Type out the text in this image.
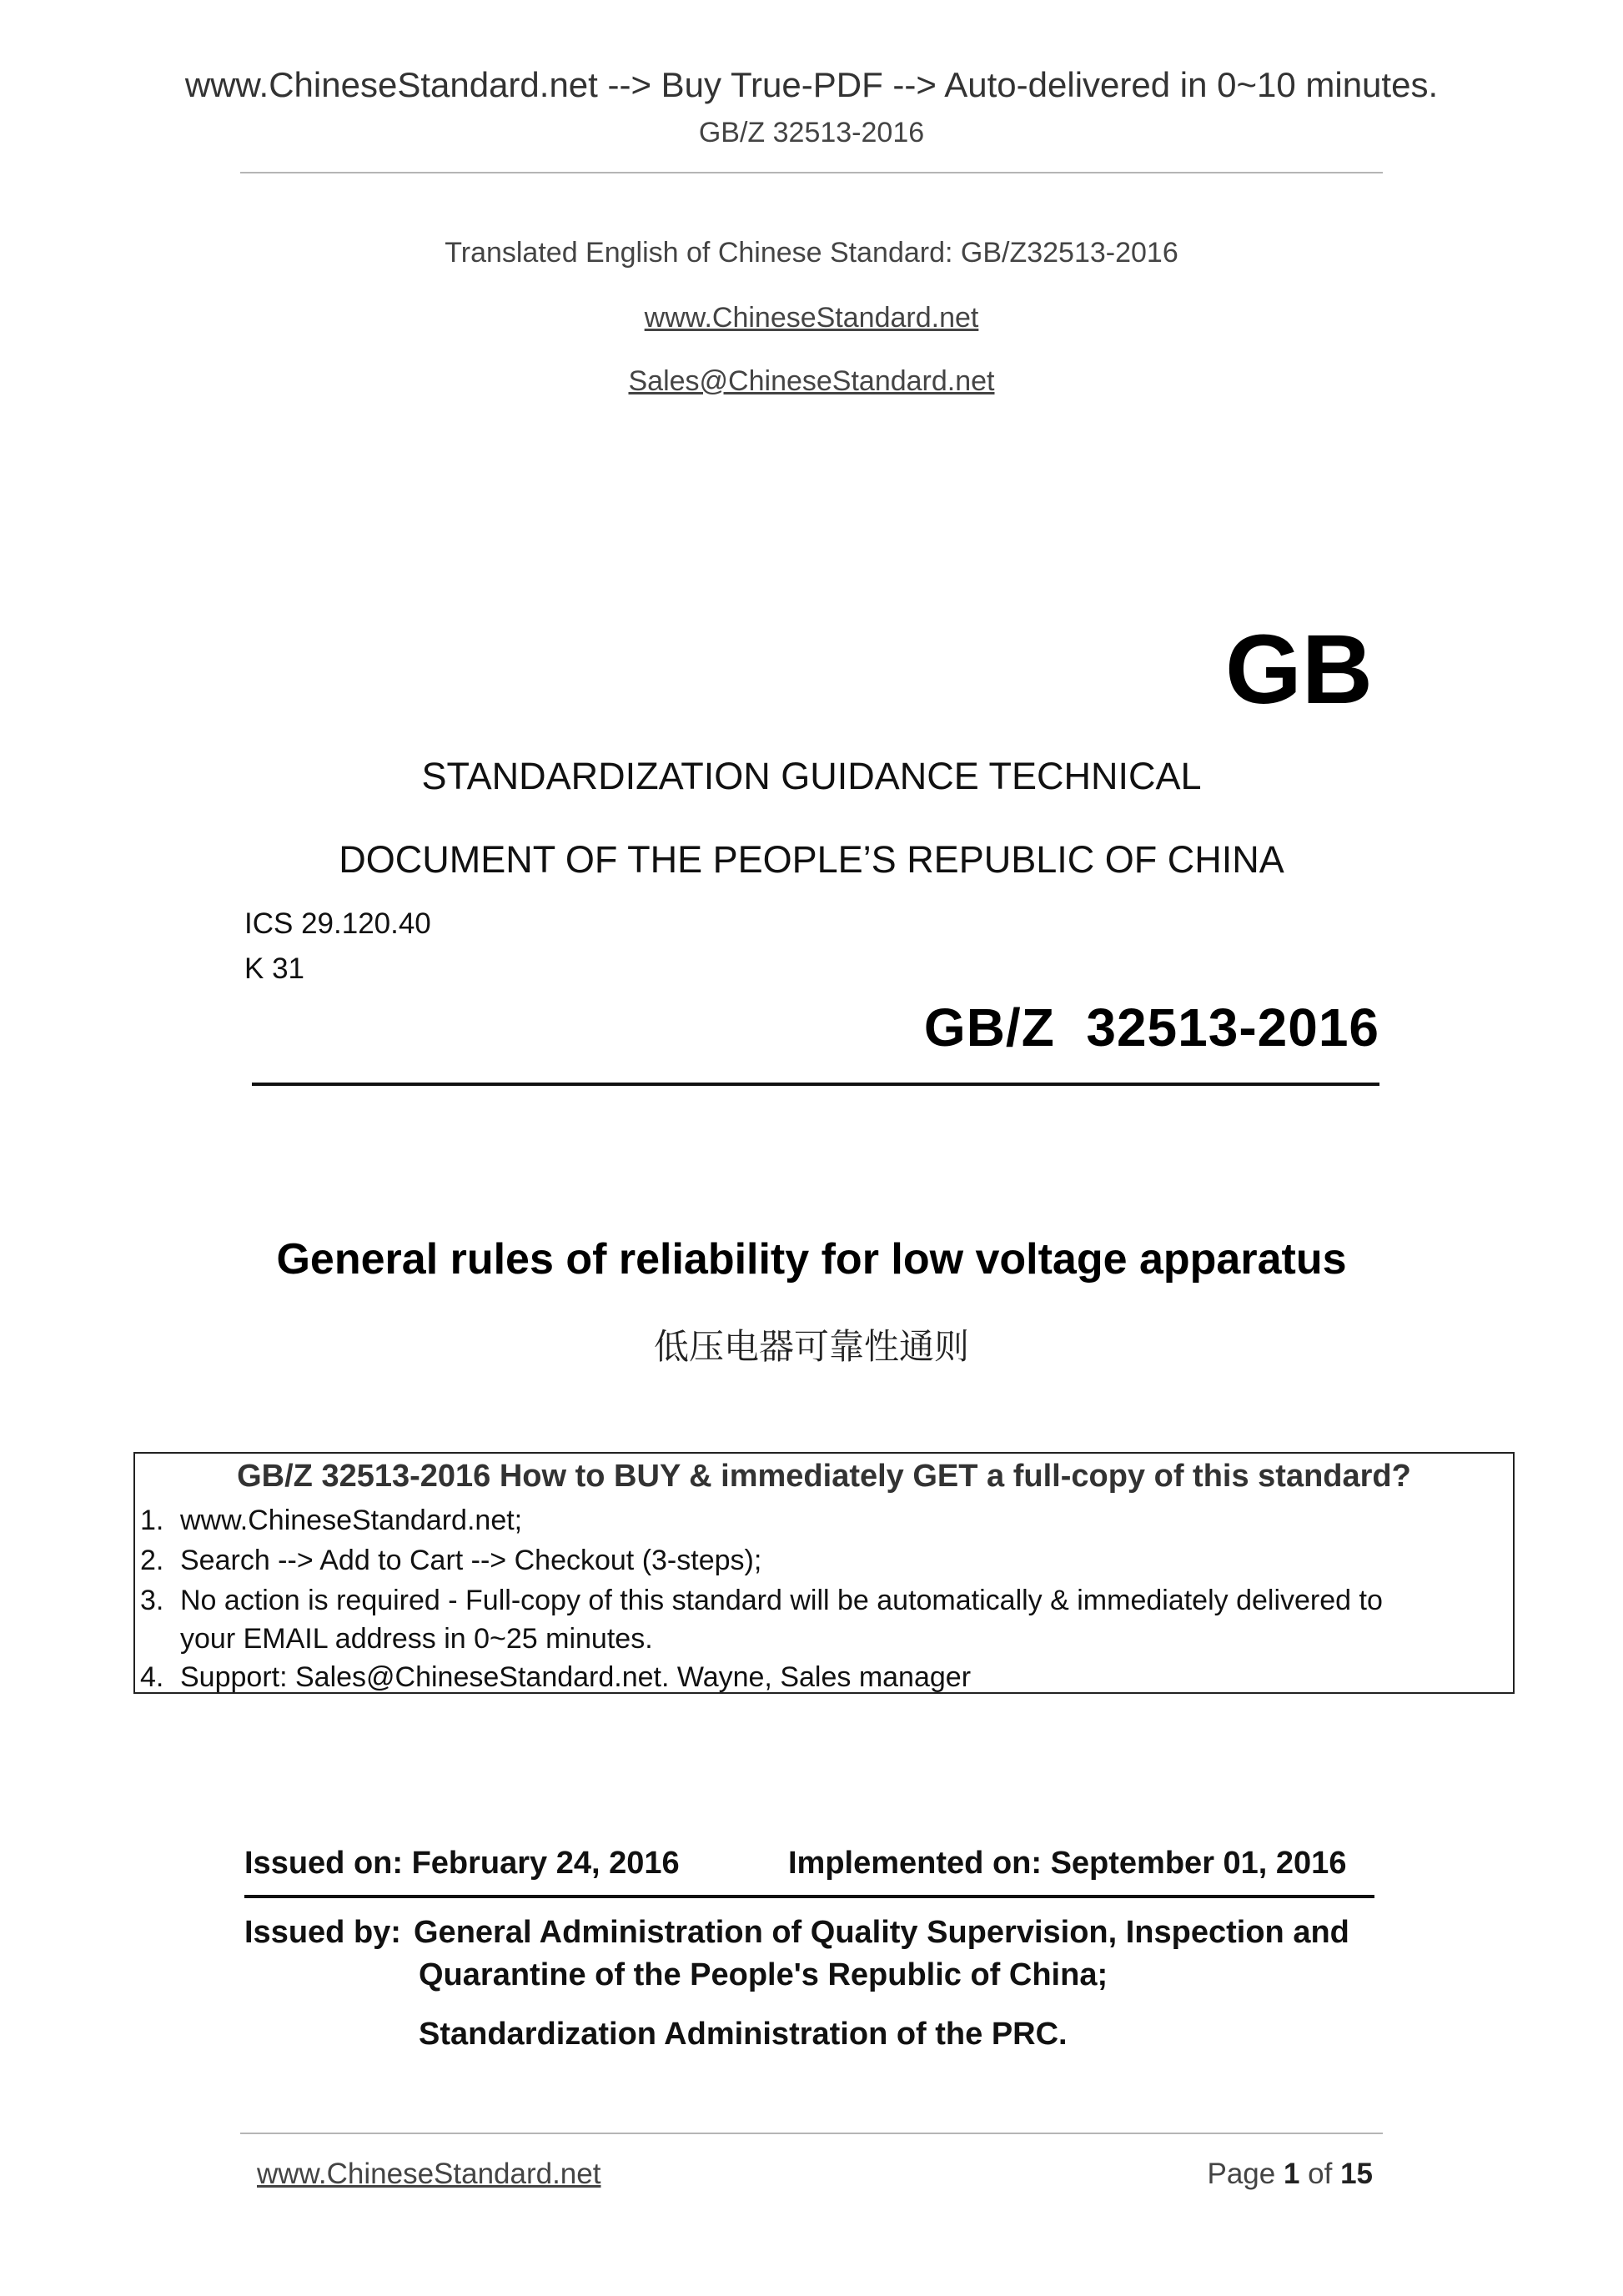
www.ChineseStandard.net --> Buy True-PDF --> Auto-delivered in 0~10 minutes.
GB/Z 32513-2016
Translated English of Chinese Standard: GB/Z32513-2016
www.ChineseStandard.net
Sales@ChineseStandard.net
GB
STANDARDIZATION GUIDANCE TECHNICAL
DOCUMENT OF THE PEOPLE’S REPUBLIC OF CHINA
ICS 29.120.40
K 31
GB/Z  32513-2016
General rules of reliability for low voltage apparatus
低压电器可靠性通则
GB/Z 32513-2016 How to BUY & immediately GET a full-copy of this standard?
1. www.ChineseStandard.net;
2. Search --> Add to Cart --> Checkout (3-steps);
3. No action is required - Full-copy of this standard will be automatically & immediately delivered to
your EMAIL address in 0~25 minutes.
4. Support: Sales@ChineseStandard.net. Wayne, Sales manager
Issued on: February 24, 2016	Implemented on: September 01, 2016
Issued by: General Administration of Quality Supervision, Inspection and
Quarantine of the People's Republic of China;
Standardization Administration of the PRC.
www.ChineseStandard.net	Page 1 of 15
